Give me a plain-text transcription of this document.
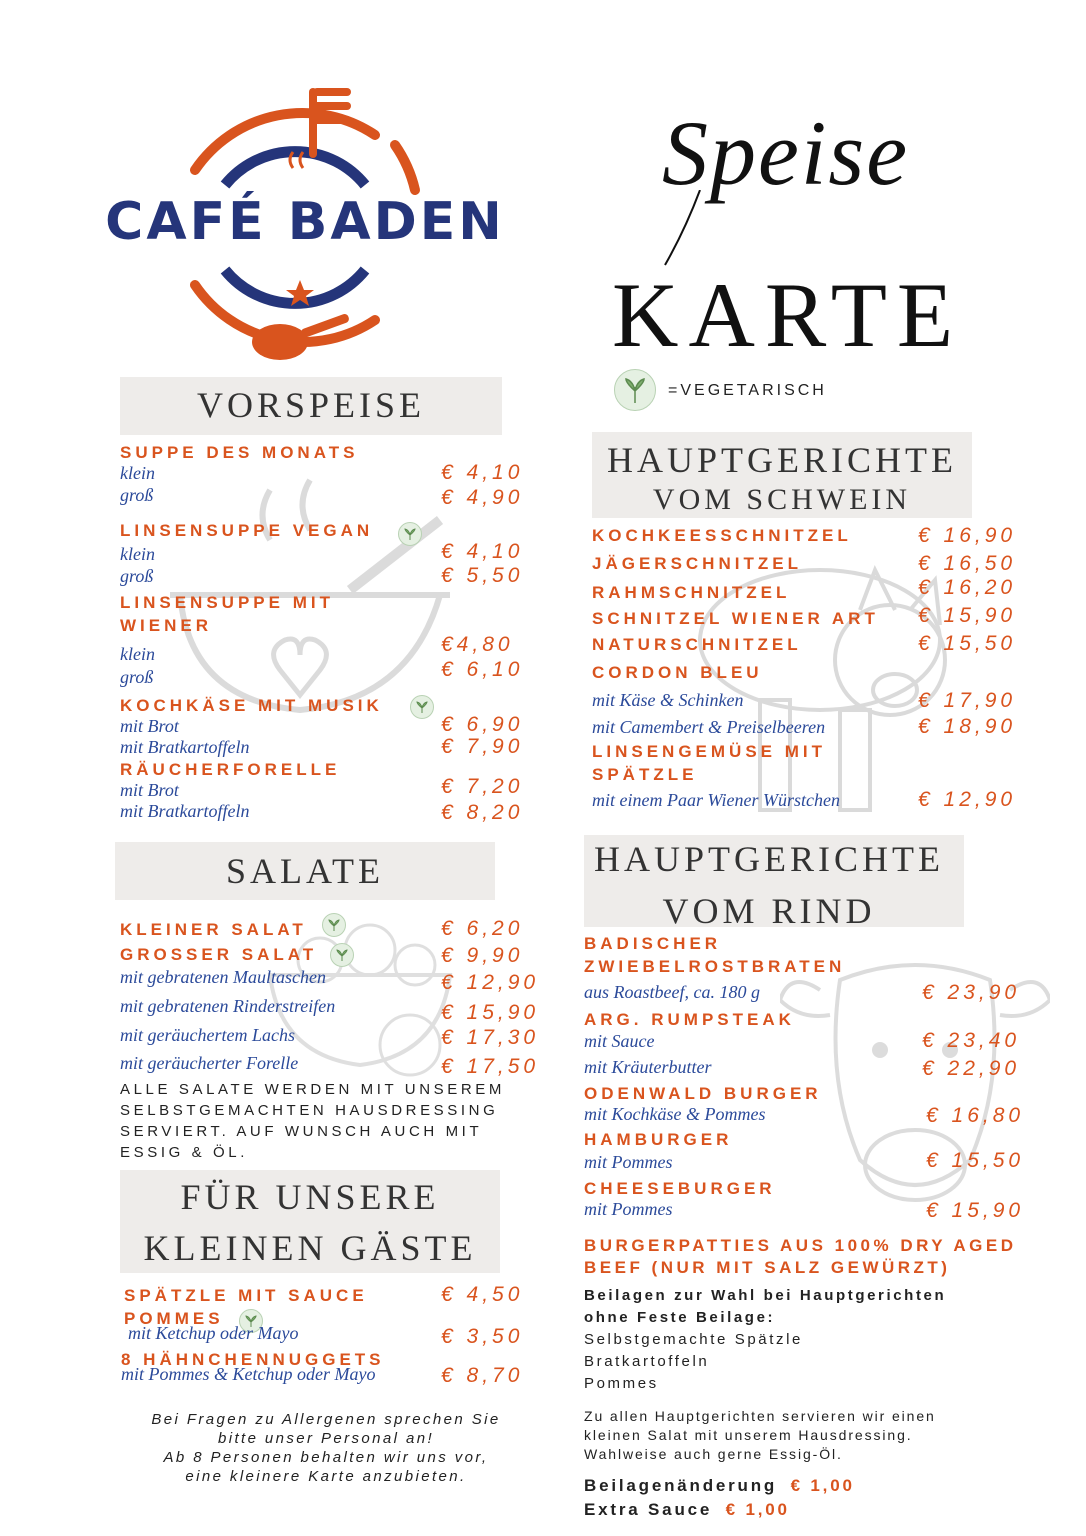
CAFÉ BADEN
Speise
KARTE
=VEGETARISCH
VORSPEISE
SUPPE DES MONATS
klein
groß
€ 4,10
€ 4,90
LINSENSUPPE VEGAN
klein
groß
€ 4,10
€ 5,50
LINSENSUPPE MIT
WIENER
klein
groß
€4,80
€ 6,10
KOCHKÄSE MIT MUSIK
mit Brot
mit Bratkartoffeln
€ 6,90
€ 7,90
RÄUCHERFORELLE
mit Brot
mit Bratkartoffeln
€ 7,20
€ 8,20
SALATE
KLEINER SALAT
GROSSER SALAT
mit gebratenen Maultaschen
mit gebratenen Rinderstreifen
mit geräuchertem Lachs
mit geräucherter Forelle
€ 6,20
€ 9,90
€ 12,90
€ 15,90
€ 17,30
€ 17,50
ALLE SALATE WERDEN MIT UNSEREM
SELBSTGEMACHTEN HAUSDRESSING
SERVIERT. AUF WUNSCH AUCH MIT
ESSIG & ÖL.
FÜR UNSERE
KLEINEN GÄSTE
SPÄTZLE MIT SAUCE
POMMES
mit Ketchup oder Mayo
8 HÄHNCHENNUGGETS
mit Pommes & Ketchup oder Mayo
€ 4,50
€ 3,50
€ 8,70
Bei Fragen zu Allergenen sprechen Sie
bitte unser Personal an!
Ab 8 Personen behalten wir uns vor,
eine kleinere Karte anzubieten.
HAUPTGERICHTE
VOM SCHWEIN
KOCHKEESSCHNITZEL
JÄGERSCHNITZEL
RAHMSCHNITZEL
SCHNITZEL WIENER ART
NATURSCHNITZEL
CORDON BLEU
mit Käse & Schinken
mit Camembert & Preiselbeeren
LINSENGEMÜSE MIT
SPÄTZLE
mit einem Paar Wiener Würstchen
€ 16,90
€ 16,50
€ 16,20
€ 15,90
€ 15,50
€ 17,90
€ 18,90
€ 12,90
HAUPTGERICHTE
VOM RIND
BADISCHER
ZWIEBELROSTBRATEN
aus Roastbeef, ca. 180 g
ARG. RUMPSTEAK
mit Sauce
mit Kräuterbutter
ODENWALD BURGER
mit Kochkäse & Pommes
HAMBURGER
mit Pommes
CHEESEBURGER
mit Pommes
€ 23,90
€ 23,40
€ 22,90
€ 16,80
€ 15,50
€ 15,90
BURGERPATTIES AUS 100% DRY AGED
BEEF (NUR MIT SALZ GEWÜRZT)
Beilagen zur Wahl bei Hauptgerichten
ohne Feste Beilage:
Selbstgemachte Spätzle
Bratkartoffeln
Pommes
Zu allen Hauptgerichten servieren wir einen
kleinen Salat mit unserem Hausdressing.
Wahlweise auch gerne Essig-Öl.
Beilagenänderung € 1,00
Extra Sauce € 1,00
